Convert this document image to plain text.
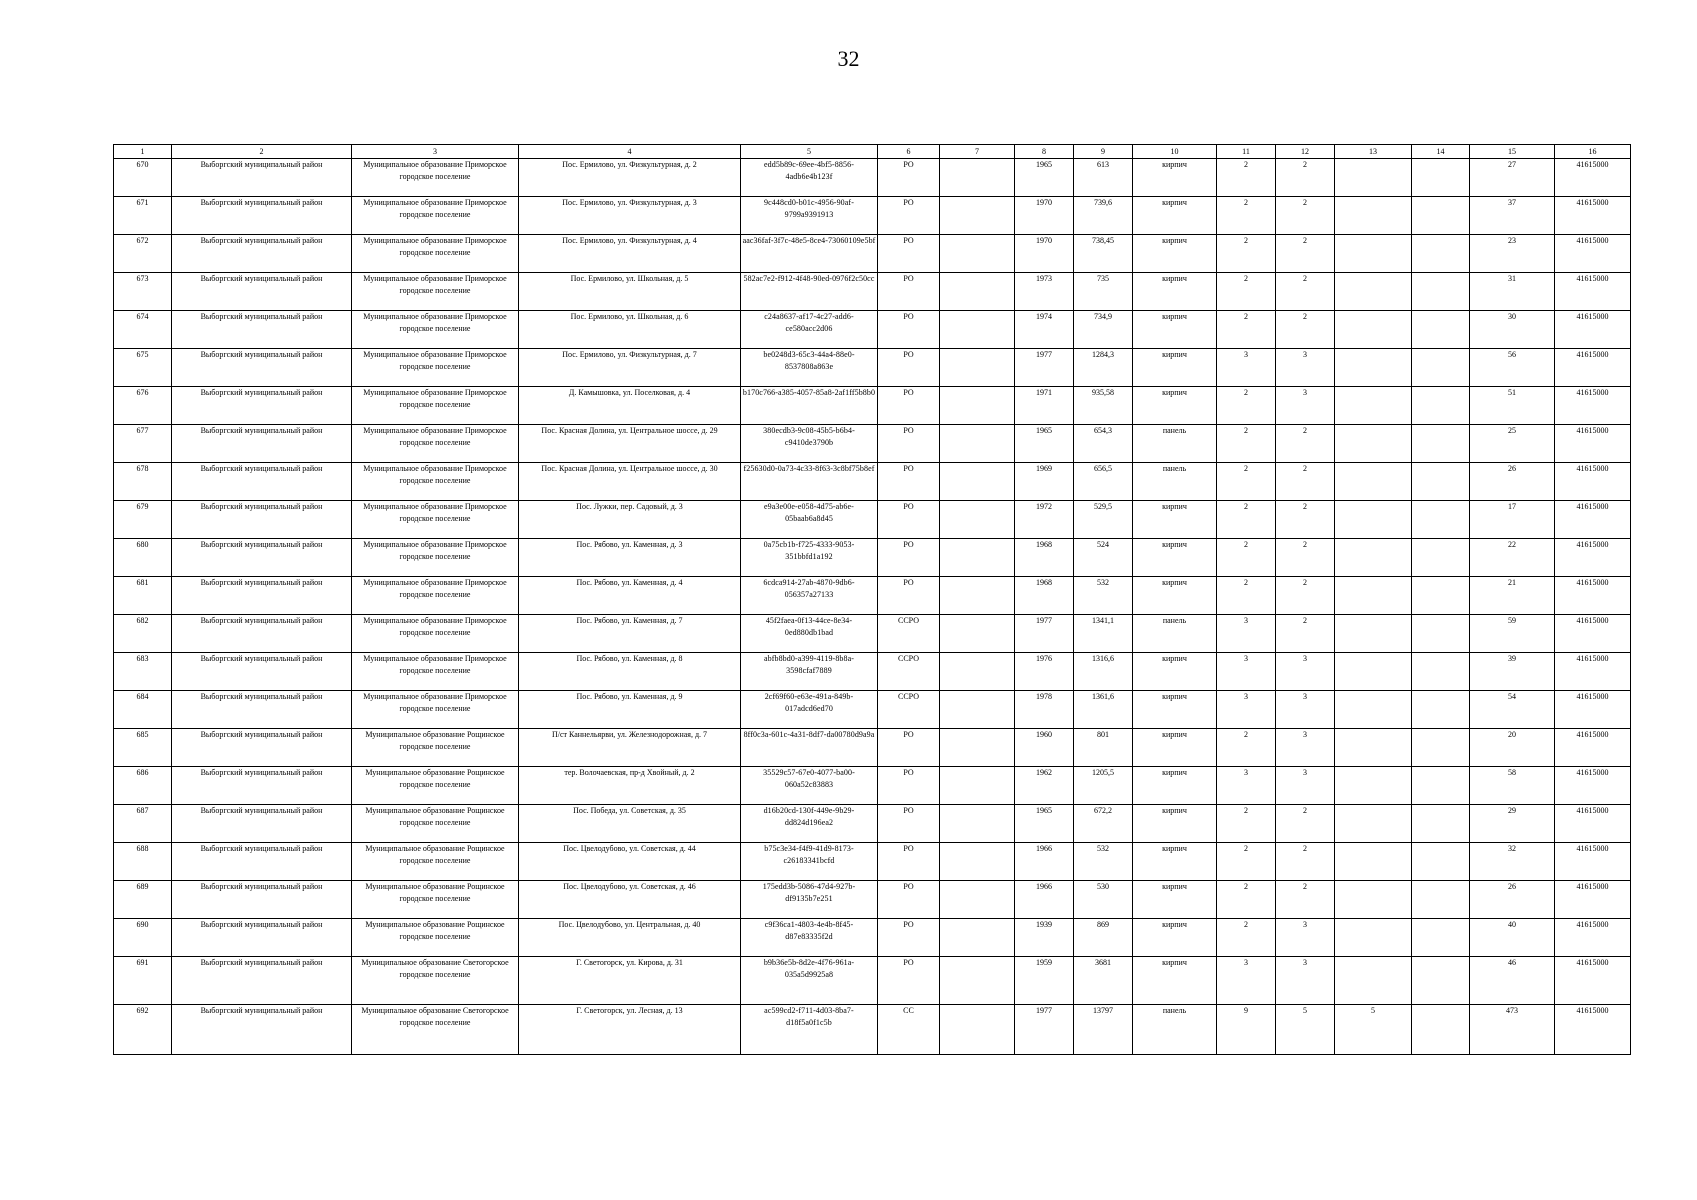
32
1	2	3	4	5	6	7	8	9	10	11	12	13	14	15	16
670	Выборгский муниципальный район	Муниципальное образование Приморское городское поселение	Пос. Ермилово, ул. Физкультурная, д. 2	edd5b89c-69ee-4bf5-8856-4adb6e4b123f	РО		1965	613	кирпич	2	2			27	41615000
671	Выборгский муниципальный район	Муниципальное образование Приморское городское поселение	Пос. Ермилово, ул. Физкультурная, д. 3	9c448cd0-b01c-4956-90af-9799a9391913	РО		1970	739,6	кирпич	2	2			37	41615000
672	Выборгский муниципальный район	Муниципальное образование Приморское городское поселение	Пос. Ермилово, ул. Физкультурная, д. 4	aac36faf-3f7c-48e5-8ce4-73060109e5bf	РО		1970	738,45	кирпич	2	2			23	41615000
673	Выборгский муниципальный район	Муниципальное образование Приморское городское поселение	Пос. Ермилово, ул. Школьная, д. 5	582ac7e2-f912-4f48-90ed-0976f2c50cc	РО		1973	735	кирпич	2	2			31	41615000
674	Выборгский муниципальный район	Муниципальное образование Приморское городское поселение	Пос. Ермилово, ул. Школьная, д. 6	c24a8637-af17-4c27-add6-ce580acc2d06	РО		1974	734,9	кирпич	2	2			30	41615000
675	Выборгский муниципальный район	Муниципальное образование Приморское городское поселение	Пос. Ермилово, ул. Физкультурная, д. 7	be0248d3-65c3-44a4-88e0-8537808a863e	РО		1977	1284,3	кирпич	3	3			56	41615000
676	Выборгский муниципальный район	Муниципальное образование Приморское городское поселение	Д. Камышовка, ул. Поселковая, д. 4	b170c766-a385-4057-85a8-2af1ff5b8b0	РО		1971	935,58	кирпич	2	3			51	41615000
677	Выборгский муниципальный район	Муниципальное образование Приморское городское поселение	Пос. Красная Долина, ул. Центральное шоссе, д. 29	380ecdb3-9c08-45b5-b6b4-c9410de3790b	РО		1965	654,3	панель	2	2			25	41615000
678	Выборгский муниципальный район	Муниципальное образование Приморское городское поселение	Пос. Красная Долина, ул. Центральное шоссе, д. 30	f25630d0-0a73-4c33-8f63-3c8bf75b8ef	РО		1969	656,5	панель	2	2			26	41615000
679	Выборгский муниципальный район	Муниципальное образование Приморское городское поселение	Пос. Лужки, пер. Садовый, д. 3	e9a3e00e-e058-4d75-ab6e-05baab6a8d45	РО		1972	529,5	кирпич	2	2			17	41615000
680	Выборгский муниципальный район	Муниципальное образование Приморское городское поселение	Пос. Рябово, ул. Каменная, д. 3	0a75cb1b-f725-4333-9053-351bbfd1a192	РО		1968	524	кирпич	2	2			22	41615000
681	Выборгский муниципальный район	Муниципальное образование Приморское городское поселение	Пос. Рябово, ул. Каменная, д. 4	6cdca914-27ab-4870-9db6-056357a27133	РО		1968	532	кирпич	2	2			21	41615000
682	Выборгский муниципальный район	Муниципальное образование Приморское городское поселение	Пос. Рябово, ул. Каменная, д. 7	45f2faea-0f13-44ce-8e34-0ed880db1bad	ССРО		1977	1341,1	панель	3	2			59	41615000
683	Выборгский муниципальный район	Муниципальное образование Приморское городское поселение	Пос. Рябово, ул. Каменная, д. 8	abfb8bd0-a399-4119-8b8a-3598cfaf7889	ССРО		1976	1316,6	кирпич	3	3			39	41615000
684	Выборгский муниципальный район	Муниципальное образование Приморское городское поселение	Пос. Рябово, ул. Каменная, д. 9	2cf69f60-e63e-491a-849b-017adcd6ed70	ССРО		1978	1361,6	кирпич	3	3			54	41615000
685	Выборгский муниципальный район	Муниципальное образование Рощинское городское поселение	П/ст Каннельярви, ул. Железнодорожная, д. 7	8ff0c3a-601c-4a31-8df7-da00780d9a9a	РО		1960	801	кирпич	2	3			20	41615000
686	Выборгский муниципальный район	Муниципальное образование Рощинское городское поселение	тер. Волочаевская, пр-д Хвойный, д. 2	35529c57-67e0-4077-ba00-060a52c83883	РО		1962	1205,5	кирпич	3	3			58	41615000
687	Выборгский муниципальный район	Муниципальное образование Рощинское городское поселение	Пос. Победа, ул. Советская, д. 35	d16b20cd-130f-449e-9b29-dd824d196ea2	РО		1965	672,2	кирпич	2	2			29	41615000
688	Выборгский муниципальный район	Муниципальное образование Рощинское городское поселение	Пос. Цвелодубово, ул. Советская, д. 44	b75c3e34-f4f9-41d9-8173-c26183341bcfd	РО		1966	532	кирпич	2	2			32	41615000
689	Выборгский муниципальный район	Муниципальное образование Рощинское городское поселение	Пос. Цвелодубово, ул. Советская, д. 46	175edd3b-5086-47d4-927b-df9135b7e251	РО		1966	530	кирпич	2	2			26	41615000
690	Выборгский муниципальный район	Муниципальное образование Рощинское городское поселение	Пос. Цвелодубово, ул. Центральная, д. 40	c9f36ca1-4803-4e4b-8f45-d87e83335f2d	РО		1939	869	кирпич	2	3			40	41615000
691	Выборгский муниципальный район	Муниципальное образование Светогорское городское поселение	Г. Светогорск, ул. Кирова, д. 31	b9b36e5b-8d2e-4f76-961a-035a5d9925a8	РО		1959	3681	кирпич	3	3			46	41615000
692	Выборгский муниципальный район	Муниципальное образование Светогорское городское поселение	Г. Светогорск, ул. Лесная, д. 13	ac599cd2-f711-4d03-8ba7-d18f5a0f1c5b	СС		1977	13797	панель	9	5	5		473	41615000
